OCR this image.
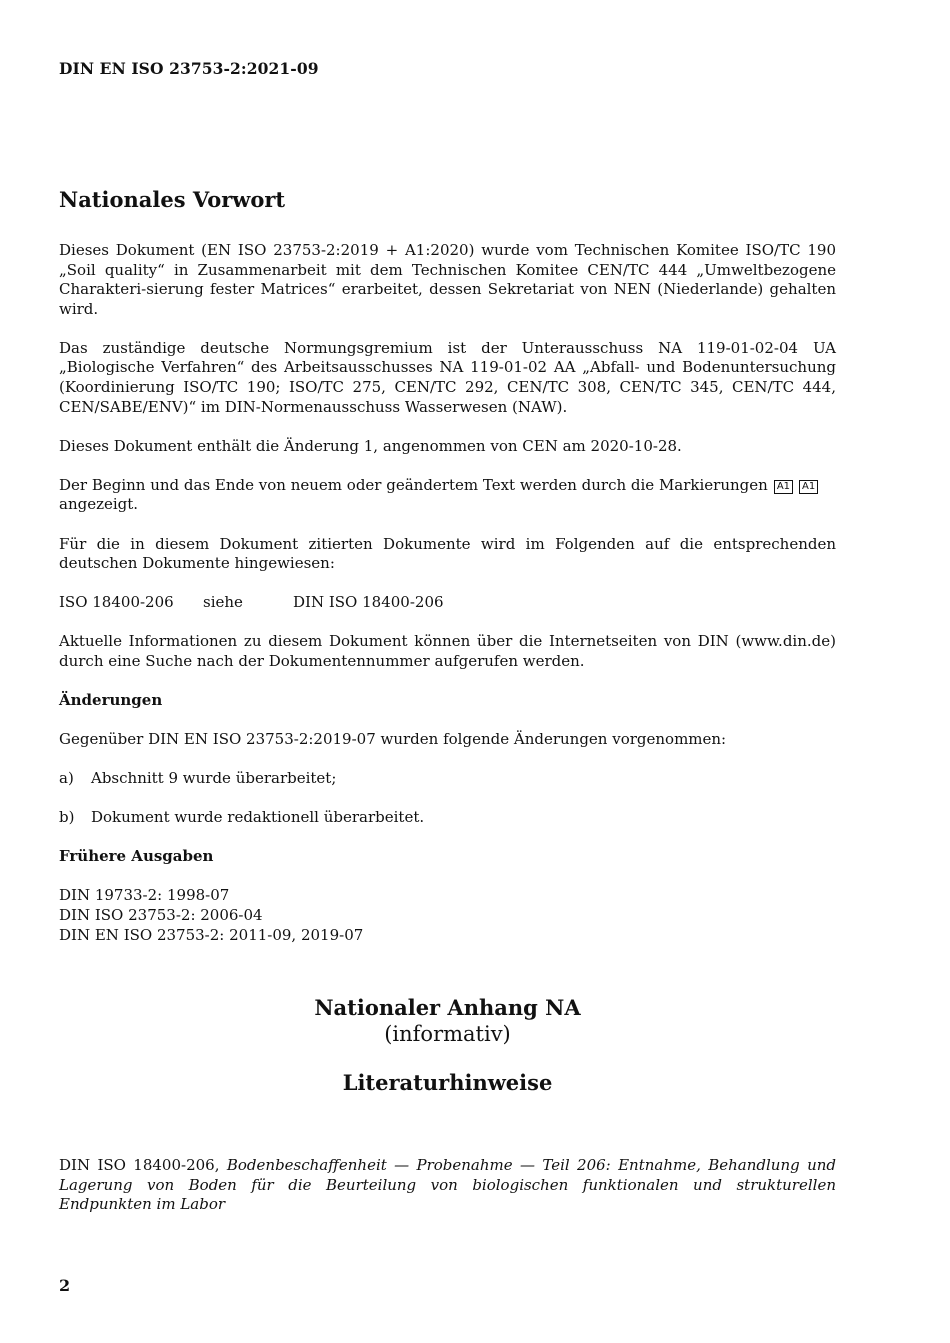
DIN EN ISO 23753-2:2021-09
Nationales Vorwort

Dieses Dokument (EN ISO 23753-2:2019 + A1:2020) wurde vom Technischen Komitee ISO/TC 190 „Soil quality“ in Zusammenarbeit mit dem Technischen Komitee CEN/TC 444 „Umweltbezogene Charakteri-sierung fester Matrices“ erarbeitet, dessen Sekretariat von NEN (Niederlande) gehalten wird.

Das zuständige deutsche Normungsgremium ist der Unterausschuss NA 119-01-02-04 UA „Biologische Verfahren“ des Arbeitsausschusses NA 119-01-02 AA „Abfall- und Bodenuntersuchung (Koordinierung ISO/TC 190; ISO/TC 275, CEN/TC 292, CEN/TC 308, CEN/TC 345, CEN/TC 444, CEN/SABE/ENV)“ im DIN-Normenausschuss Wasserwesen (NAW).

Dieses Dokument enthält die Änderung 1, angenommen von CEN am 2020-10-28.

Der Beginn und das Ende von neuem oder geändertem Text werden durch die Markierungen A1 A1
angezeigt.

Für die in diesem Dokument zitierten Dokumente wird im Folgenden auf die entsprechenden deutschen Dokumente hingewiesen:

ISO 18400-206	siehe	DIN ISO 18400-206

Aktuelle Informationen zu diesem Dokument können über die Internetseiten von DIN (www.din.de) durch eine Suche nach der Dokumentennummer aufgerufen werden.

Änderungen

Gegenüber DIN EN ISO 23753-2:2019-07 wurden folgende Änderungen vorgenommen:

a)	Abschnitt 9 wurde überarbeitet;
b)	Dokument wurde redaktionell überarbeitet.
Frühere Ausgaben
DIN 19733-2: 1998-07
DIN ISO 23753-2: 2006-04
DIN EN ISO 23753-2: 2011-09, 2019-07
Nationaler Anhang NA
(informativ)
Literaturhinweise
DIN ISO 18400-206, Bodenbeschaffenheit — Probenahme — Teil 206: Entnahme, Behandlung und Lagerung von Boden für die Beurteilung von biologischen funktionalen und strukturellen Endpunkten im Labor
2
